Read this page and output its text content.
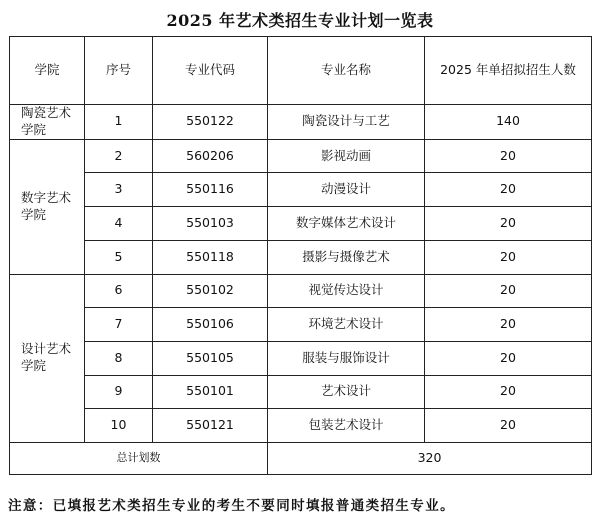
2025 年艺术类招生专业计划一览表
学院	序号	专业代码	专业名称	2025 年单招拟招生人数
陶瓷艺术学院	1	550122	陶瓷设计与工艺	140
数字艺术学院	2	560206	影视动画	20
	3	550116	动漫设计	20
	4	550103	数字媒体艺术设计	20
	5	550118	摄影与摄像艺术	20
设计艺术学院	6	550102	视觉传达设计	20
	7	550106	环境艺术设计	20
	8	550105	服装与服饰设计	20
	9	550101	艺术设计	20
	10	550121	包装艺术设计	20
总计划数			320	
注意：已填报艺术类招生专业的考生不要同时填报普通类招生专业。
